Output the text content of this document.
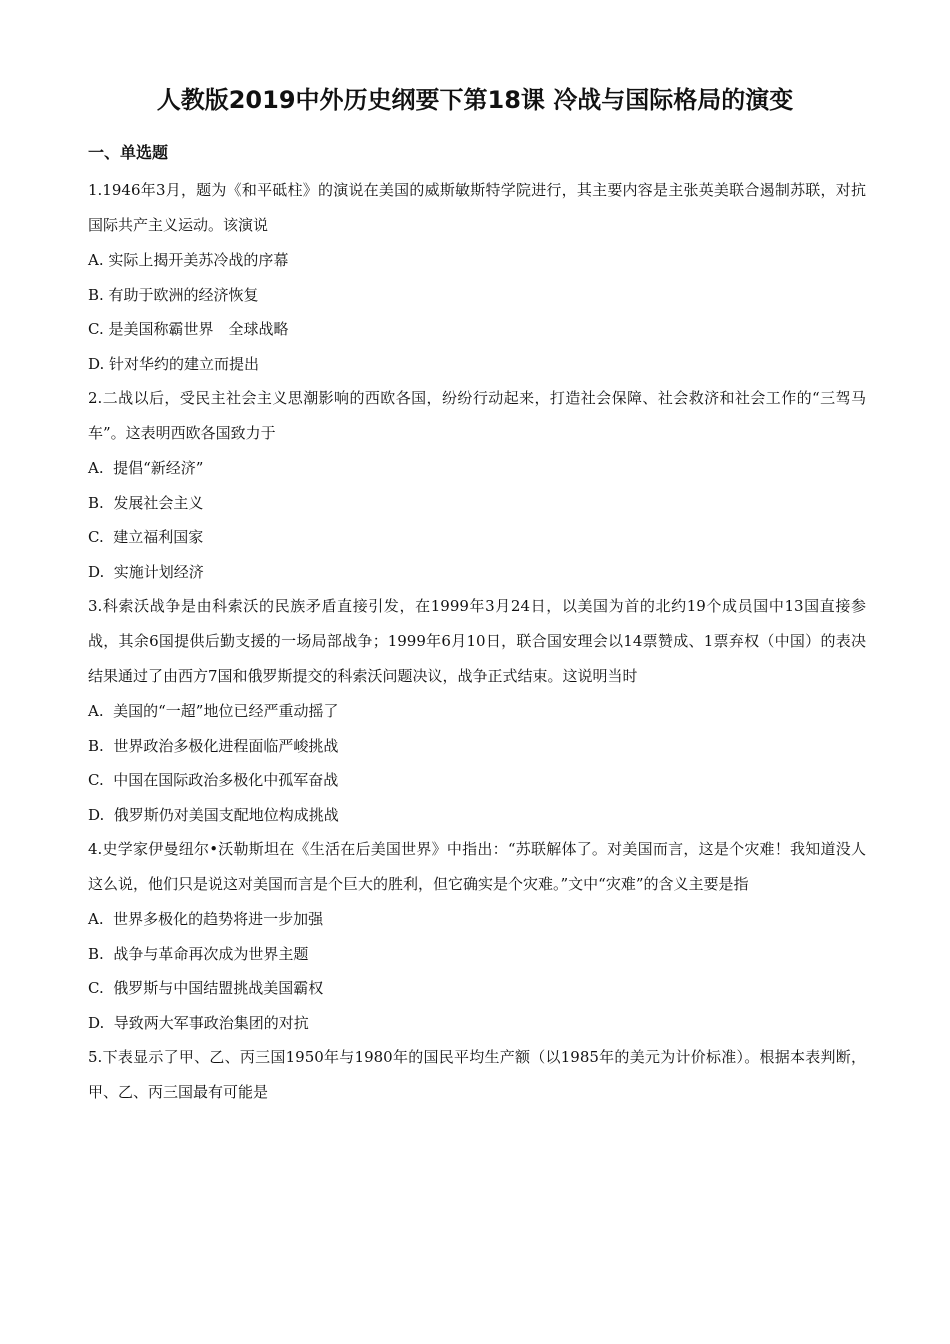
人教版2019中外历史纲要下第18课 冷战与国际格局的演变
一、单选题

1.1946年3月，题为《和平砥柱》的演说在美国的威斯敏斯特学院进行，其主要内容是主张英美联合遏制苏联，对抗国际共产主义运动。该演说

A. 实际上揭开美苏冷战的序幕

B. 有助于欧洲的经济恢复

C. 是美国称霸世界　全球战略

D. 针对华约的建立而提出

2.二战以后，受民主社会主义思潮影响的西欧各国，纷纷行动起来，打造社会保障、社会救济和社会工作的“三驾马车”。这表明西欧各国致力于

A.  提倡“新经济”

B.  发展社会主义

C.  建立福利国家

D.  实施计划经济

3.科索沃战争是由科索沃的民族矛盾直接引发，在1999年3月24日，以美国为首的北约19个成员国中13国直接参战，其余6国提供后勤支援的一场局部战争；1999年6月10日，联合国安理会以14票赞成、1票弃权（中国）的表决结果通过了由西方7国和俄罗斯提交的科索沃问题决议，战争正式结束。这说明当时

A.  美国的“一超”地位已经严重动摇了

B.  世界政治多极化进程面临严峻挑战

C.  中国在国际政治多极化中孤军奋战

D.  俄罗斯仍对美国支配地位构成挑战

4.史学家伊曼纽尔•沃勒斯坦在《生活在后美国世界》中指出：“苏联解体了。对美国而言，这是个灾难！我知道没人这么说，他们只是说这对美国而言是个巨大的胜利，但它确实是个灾难。”文中“灾难”的含义主要是指

A.  世界多极化的趋势将进一步加强

B.  战争与革命再次成为世界主题

C.  俄罗斯与中国结盟挑战美国霸权

D.  导致两大军事政治集团的对抗

5.下表显示了甲、乙、丙三国1950年与1980年的国民平均生产额（以1985年的美元为计价标准）。根据本表判断，甲、乙、丙三国最有可能是
